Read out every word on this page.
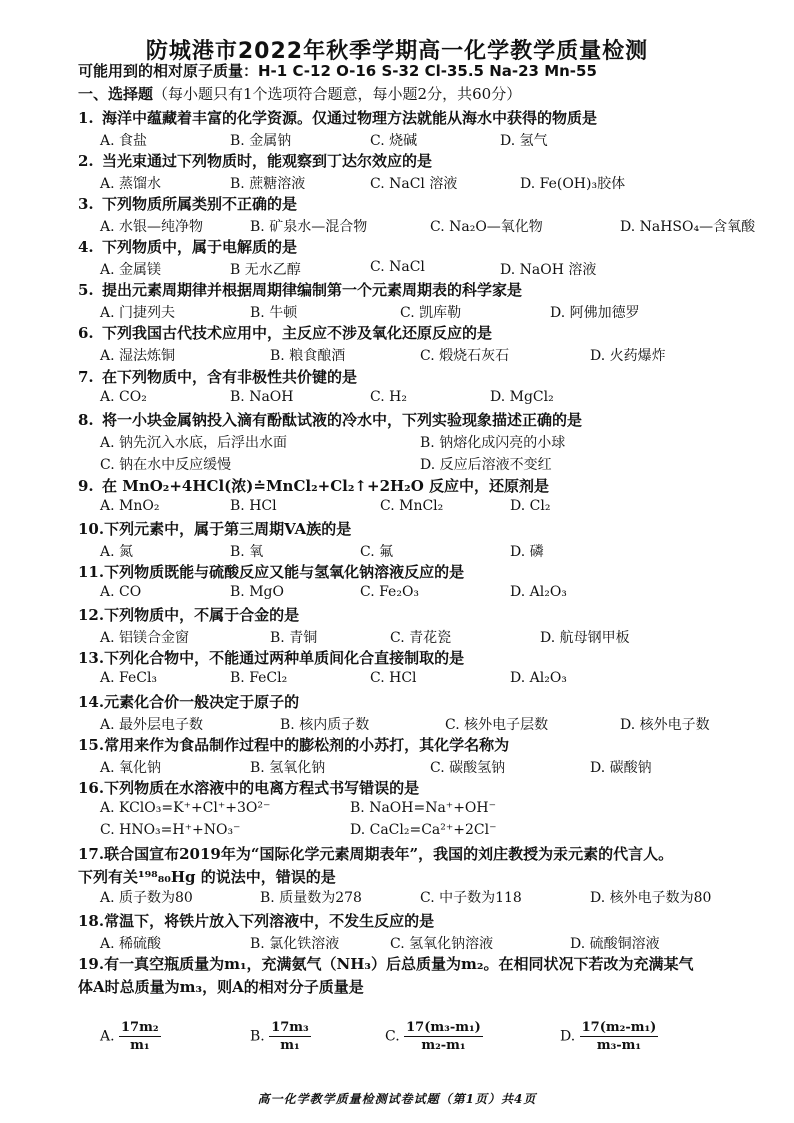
防城港市2022年秋季学期高一化学教学质量检测
可能用到的相对原子质量：H-1 C-12 O-16 S-32 Cl-35.5 Na-23 Mn-55
一、选择题（每小题只有1个选项符合题意，每小题2分，共60分）
1. 海洋中蕴藏着丰富的化学资源。仅通过物理方法就能从海水中获得的物质是
A. 食盐	B. 金属钠	C. 烧碱	D. 氢气
2. 当光束通过下列物质时，能观察到丁达尔效应的是
A. 蒸馏水	B. 蔗糖溶液	C. NaCl 溶液	D. Fe(OH)₃胶体
3. 下列物质所属类别不正确的是
A. 水银—纯净物	B. 矿泉水—混合物	C. Na₂O—氧化物	D. NaHSO₄—含氧酸
4. 下列物质中，属于电解质的是
A. 金属镁	B 无水乙醇	C. NaCl	D. NaOH 溶液
5. 提出元素周期律并根据周期律编制第一个元素周期表的科学家是
A. 门捷列夫	B. 牛顿	C. 凯库勒	D. 阿佛加德罗
6. 下列我国古代技术应用中，主反应不涉及氧化还原反应的是
A. 湿法炼铜	B. 粮食酿酒	C. 煅烧石灰石	D. 火药爆炸
7. 在下列物质中，含有非极性共价键的是
A. CO₂	B. NaOH	C. H₂	D. MgCl₂
8. 将一小块金属钠投入滴有酚酞试液的冷水中，下列实验现象描述正确的是
A. 钠先沉入水底，后浮出水面	B. 钠熔化成闪亮的小球
C. 钠在水中反应缓慢	D. 反应后溶液不变红
9. 在 MnO₂+4HCl(浓)≐MnCl₂+Cl₂↑+2H₂O 反应中，还原剂是
A. MnO₂	B. HCl	C. MnCl₂	D. Cl₂
10.下列元素中，属于第三周期VA族的是
A. 氮	B. 氧	C. 氟	D. 磷
11.下列物质既能与硫酸反应又能与氢氧化钠溶液反应的是
A. CO	B. MgO	C. Fe₂O₃	D. Al₂O₃
12.下列物质中，不属于合金的是
A. 铝镁合金窗	B. 青铜	C. 青花瓷	D. 航母钢甲板
13.下列化合物中，不能通过两种单质间化合直接制取的是
A. FeCl₃	B. FeCl₂	C. HCl	D. Al₂O₃
14.元素化合价一般决定于原子的
A. 最外层电子数	B. 核内质子数	C. 核外电子层数	D. 核外电子数
15.常用来作为食品制作过程中的膨松剂的小苏打，其化学名称为
A. 氧化钠	B. 氢氧化钠	C. 碳酸氢钠	D. 碳酸钠
16.下列物质在水溶液中的电离方程式书写错误的是
A. KClO₃=K⁺+Cl⁺+3O²⁻	B. NaOH=Na⁺+OH⁻
C. HNO₃=H⁺+NO₃⁻	D. CaCl₂=Ca²⁺+2Cl⁻
17.联合国宣布2019年为“国际化学元素周期表年”，我国的刘庄教授为汞元素的代言人。
下列有关¹⁹⁸₈₀Hg 的说法中，错误的是
A. 质子数为80	B. 质量数为278	C. 中子数为118	D. 核外电子数为80
18.常温下，将铁片放入下列溶液中，不发生反应的是
A. 稀硫酸	B. 氯化铁溶液	C. 氢氧化钠溶液	D. 硫酸铜溶液
19.有一真空瓶质量为m₁，充满氨气（NH₃）后总质量为m₂。在相同状况下若改为充满某气
体A时总质量为m₃，则A的相对分子质量是
A. $\frac{\text{17m₂}}{\text{m₁}}$	B. $\frac{\text{17m₃}}{\text{m₁}}$	C. $\frac{\text{17(m₃-m₁)}}{\text{m₂-m₁}}$	D. $\frac{\text{17(m₂-m₁)}}{\text{m₃-m₁}}$
高一化学教学质量检测试卷试题（第1页）共4页
